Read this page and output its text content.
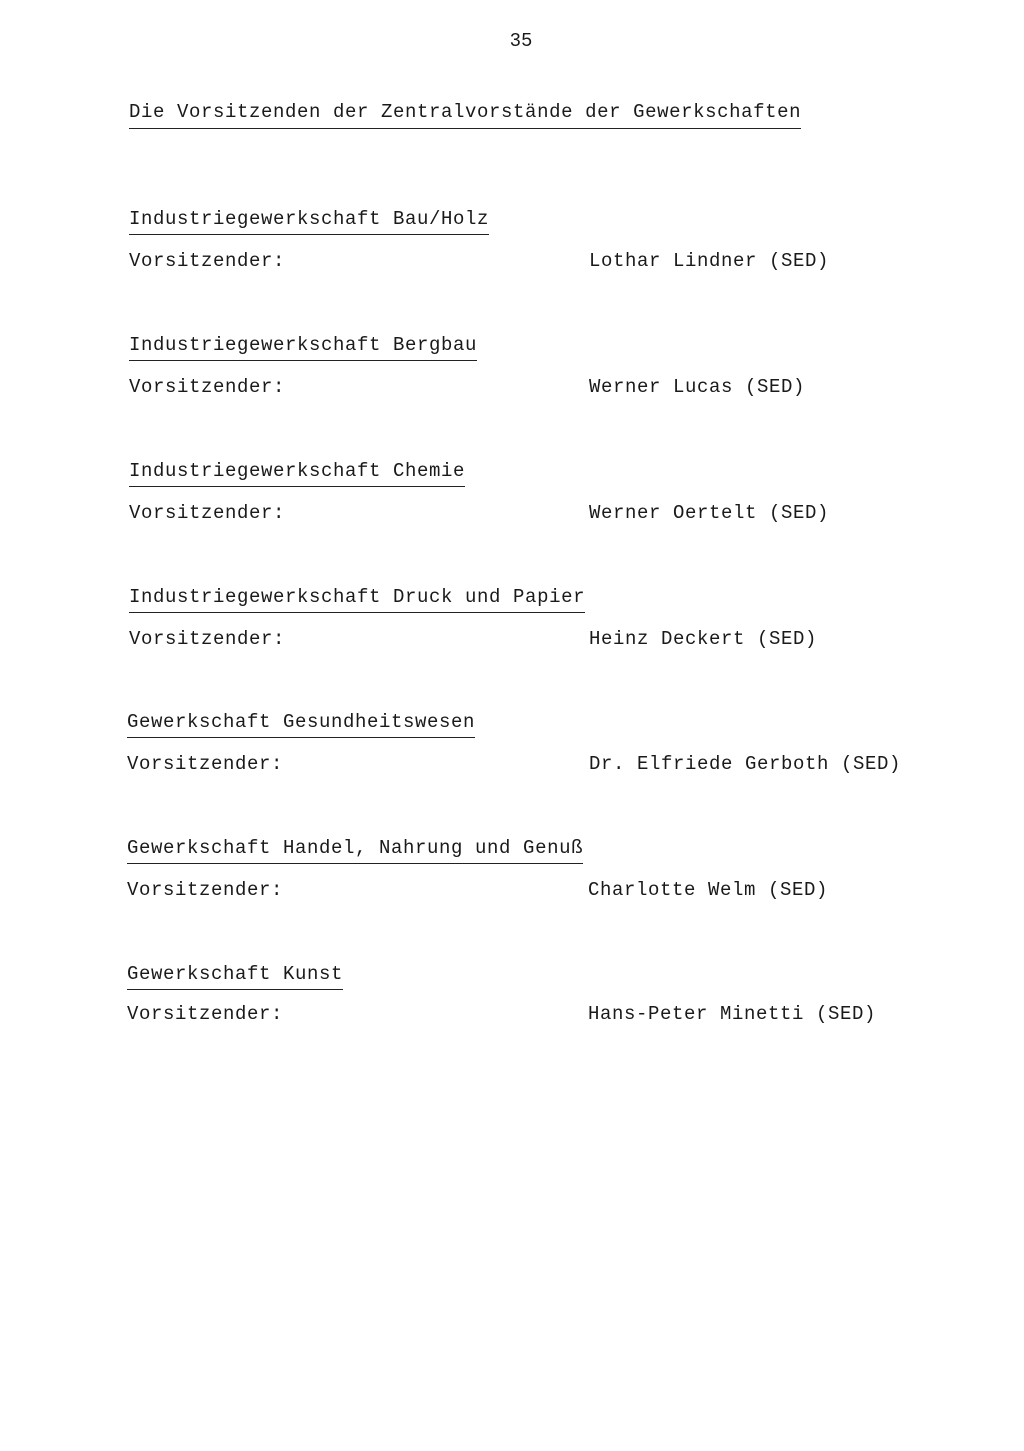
35
Die Vorsitzenden der Zentralvorstände der Gewerkschaften
Industriegewerkschaft Bau/Holz
Vorsitzender:	Lothar Lindner (SED)
Industriegewerkschaft Bergbau
Vorsitzender:	Werner Lucas (SED)
Industriegewerkschaft Chemie
Vorsitzender:	Werner Oertelt (SED)
Industriegewerkschaft Druck und Papier
Vorsitzender:	Heinz Deckert (SED)
Gewerkschaft Gesundheitswesen
Vorsitzender:	Dr. Elfriede Gerboth (SED)
Gewerkschaft Handel, Nahrung und Genuß
Vorsitzender:	Charlotte Welm (SED)
Gewerkschaft Kunst
Vorsitzender:	Hans-Peter Minetti (SED)
